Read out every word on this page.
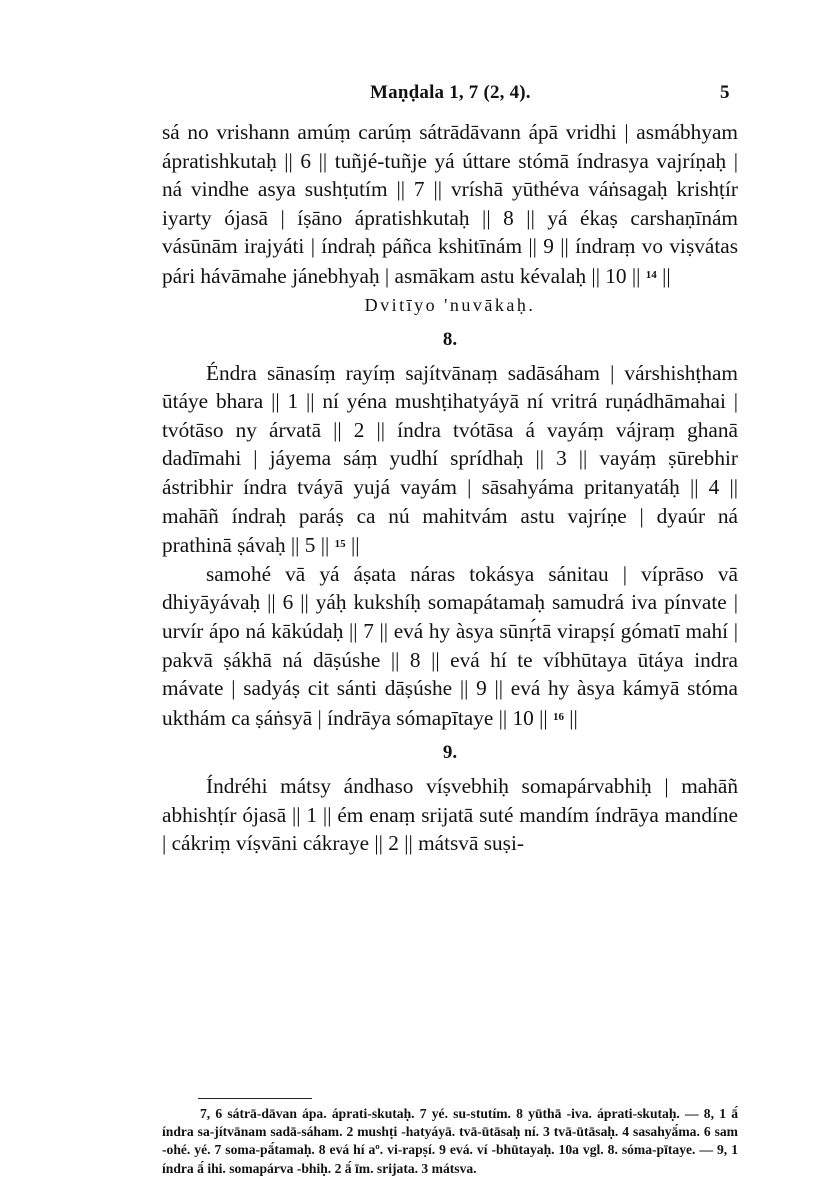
Maṇḍala 1, 7 (2, 4).	5

sá no vrishann amúṃ carúṃ sátrādāvann ápā vridhi | asmábhyam ápratishkutaḥ || 6 || tuñjé-tuñje yá úttare stómā índrasya vajríṇaḥ | ná vindhe asya sushṭutím || 7 || vríshā yūthéva váṅsagaḥ krishṭír iyarty ójasā | íṣāno ápratishkutaḥ || 8 || yá ékaṣ carshaṇīnám vásūnām irajyáti | índraḥ páñca kshitīnám || 9 || índraṃ vo viṣvátas pári hávāmahe jánebhyaḥ | asmākam astu kévalaḥ || 10 || $^{14}$ ||

Dvitīyo 'nuvākaḥ.
8.

Éndra sānasíṃ rayíṃ sajítvānaṃ sadāsáham | várshishṭham ūtáye bhara || 1 || ní yéna mushṭihatyáyā ní vritrá ruṇádhāmahai | tvótāso ny árvatā || 2 || índra tvótāsa á vayáṃ vájraṃ ghanā dadīmahi | jáyema sáṃ yudhí sprídhaḥ || 3 || vayáṃ ṣūrebhir ástribhir índra tváyā yujá vayám | sāsahyáma pritanyatáḥ || 4 || mahāñ índraḥ paráṣ ca nú mahitvám astu vajríṇe | dyaúr ná prathinā ṣávaḥ || 5 || $^{15}$ ||

samohé vā yá áṣata náras tokásya sánitau | víprāso vā dhiyāyávaḥ || 6 || yáḥ kukshíḥ somapátamaḥ samudrá iva pínvate | urvír ápo ná kākúdaḥ || 7 || evá hy àsya sūnṛ́tā virapṣí gómatī mahí | pakvā ṣákhā ná dāṣúshe || 8 || evá hí te víbhūtaya ūtáya indra mávate | sadyáṣ cit sánti dāṣúshe || 9 || evá hy àsya kámyā stóma ukthám ca ṣáṅsyā | índrāya sómapītaye || 10 || $^{16}$ ||

9.

Índréhi mátsy ándhaso víṣvebhiḥ somapárvabhiḥ | mahāñ abhishṭír ójasā || 1 || ém enaṃ srijatā suté mandím índrāya mandíne | cákriṃ víṣvāni cákraye || 2 || mátsvā suṣi-

7, 6 sátrā-dāvan ápa. áprati-skutaḥ. 7 yé. su-stutím. 8 yūthā -iva. áprati-skutaḥ. — 8, 1 ā́ índra sa-jítvānam sadā-sáham. 2 mushṭi -hatyáyā. tvā-ūtāsaḥ ní. 3 tvā-ūtāsaḥ. 4 sasahyā́ma. 6 sam -ohé. yé. 7 soma-pā́tamaḥ. 8 evá hí aº. vi-rapṣí. 9 evá. ví -bhūtayaḥ. 10a vgl. 8. sóma-pītaye. — 9, 1 índra ā́ ihi. somapárva -bhiḥ. 2 ā́ īm. srijata. 3 mátsva.
